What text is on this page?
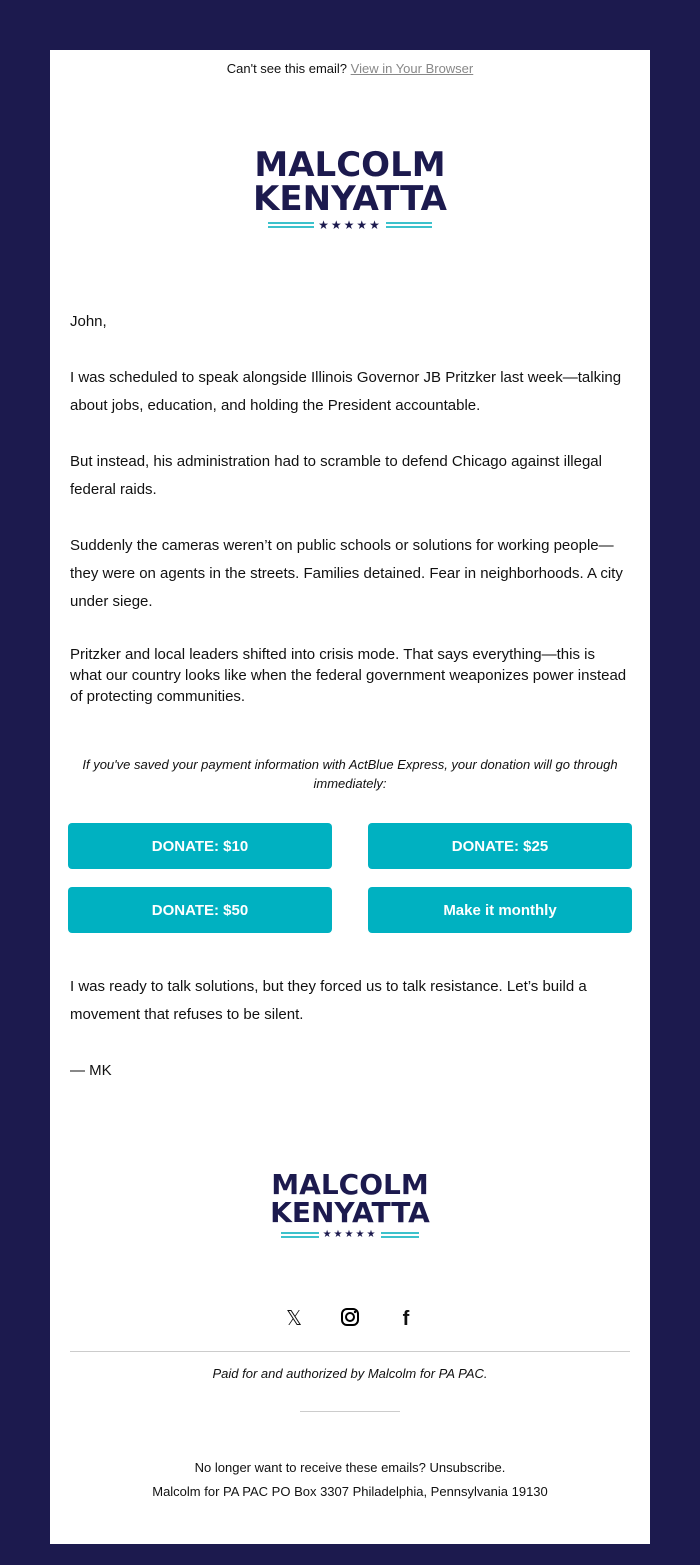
Can't see this email? View in Your Browser
MALCOLM
KENYATTA
★★★★★

John,

I was scheduled to speak alongside Illinois Governor JB Pritzker last week—talking about jobs, education, and holding the President accountable.

But instead, his administration had to scramble to defend Chicago against illegal federal raids.

Suddenly the cameras weren’t on public schools or solutions for working people—they were on agents in the streets. Families detained. Fear in neighborhoods. A city under siege.

Pritzker and local leaders shifted into crisis mode. That says everything—this is what our country looks like when the federal government weaponizes power instead of protecting communities.

If you've saved your payment information with ActBlue Express, your donation will go through immediately:
DONATE: $10	DONATE: $25
DONATE: $50	Make it monthly

I was ready to talk solutions, but they forced us to talk resistance. Let’s build a movement that refuses to be silent.

— MK

MALCOLM
KENYATTA
★★★★★
𝕏	f
Paid for and authorized by Malcolm for PA PAC.
No longer want to receive these emails? Unsubscribe.
Malcolm for PA PAC PO Box 3307 Philadelphia, Pennsylvania 19130
